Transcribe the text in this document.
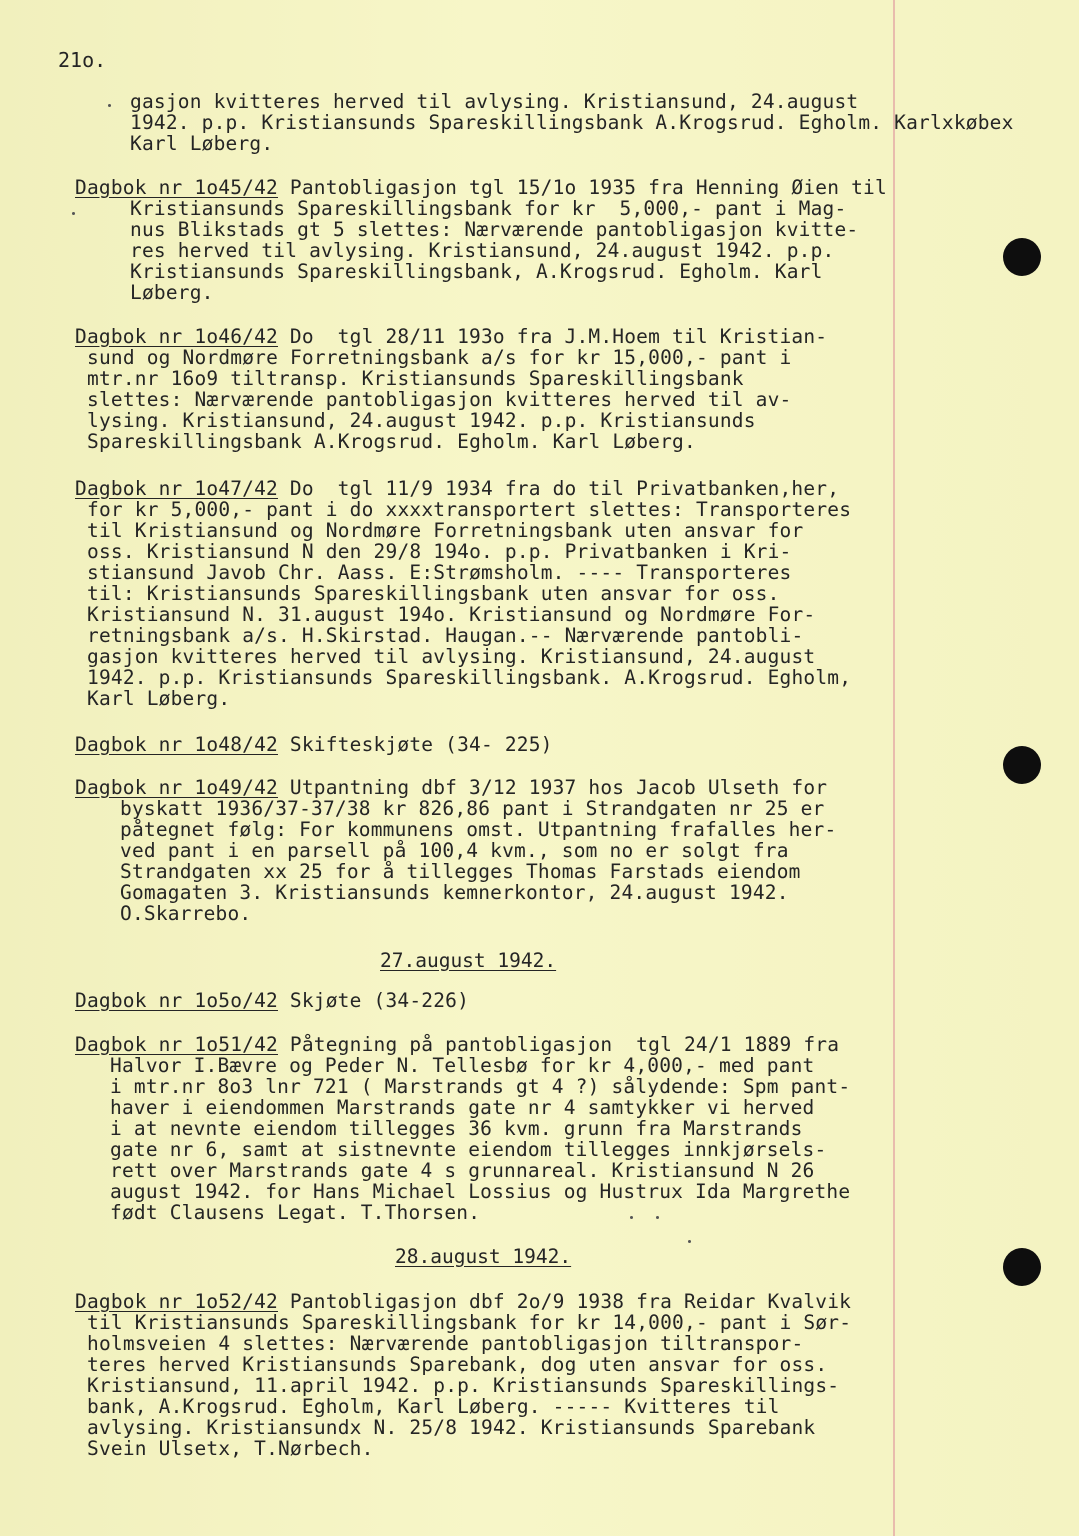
21o.
gasjon kvitteres herved til avlysing. Kristiansund, 24.august
1942. p.p. Kristiansunds Spareskillingsbank A.Krogsrud. Egholm. Karlxkøbex
Karl Løberg.
Dagbok nr 1o45/42 Pantobligasjon tgl 15/1o 1935 fra Henning Øien til
Kristiansunds Spareskillingsbank for kr  5,000,- pant i Mag-
nus Blikstads gt 5 slettes: Nærværende pantobligasjon kvitte-
res herved til avlysing. Kristiansund, 24.august 1942. p.p.
Kristiansunds Spareskillingsbank, A.Krogsrud. Egholm. Karl
Løberg.
Dagbok nr 1o46/42 Do  tgl 28/11 193o fra J.M.Hoem til Kristian-
sund og Nordmøre Forretningsbank a/s for kr 15,000,- pant i
mtr.nr 16o9 tiltransp. Kristiansunds Spareskillingsbank
slettes: Nærværende pantobligasjon kvitteres herved til av-
lysing. Kristiansund, 24.august 1942. p.p. Kristiansunds
Spareskillingsbank A.Krogsrud. Egholm. Karl Løberg.
Dagbok nr 1o47/42 Do  tgl 11/9 1934 fra do til Privatbanken,her,
for kr 5,000,- pant i do xxxxtransportert slettes: Transporteres
til Kristiansund og Nordmøre Forretningsbank uten ansvar for
oss. Kristiansund N den 29/8 194o. p.p. Privatbanken i Kri-
stiansund Javob Chr. Aass. E:Strømsholm. ---- Transporteres
til: Kristiansunds Spareskillingsbank uten ansvar for oss.
Kristiansund N. 31.august 194o. Kristiansund og Nordmøre For-
retningsbank a/s. H.Skirstad. Haugan.-- Nærværende pantobli-
gasjon kvitteres herved til avlysing. Kristiansund, 24.august
1942. p.p. Kristiansunds Spareskillingsbank. A.Krogsrud. Egholm,
Karl Løberg.
Dagbok nr 1o48/42 Skifteskjøte (34- 225)
Dagbok nr 1o49/42 Utpantning dbf 3/12 1937 hos Jacob Ulseth for
byskatt 1936/37-37/38 kr 826,86 pant i Strandgaten nr 25 er
påtegnet følg: For kommunens omst. Utpantning frafalles her-
ved pant i en parsell på 100,4 kvm., som no er solgt fra
Strandgaten xx 25 for å tillegges Thomas Farstads eiendom
Gomagaten 3. Kristiansunds kemnerkontor, 24.august 1942.
O.Skarrebo.
27.august 1942.
Dagbok nr 1o5o/42 Skjøte (34-226)
Dagbok nr 1o51/42 Påtegning på pantobligasjon  tgl 24/1 1889 fra
Halvor I.Bævre og Peder N. Tellesbø for kr 4,000,- med pant
i mtr.nr 8o3 lnr 721 ( Marstrands gt 4 ?) sålydende: Spm pant-
haver i eiendommen Marstrands gate nr 4 samtykker vi herved
i at nevnte eiendom tillegges 36 kvm. grunn fra Marstrands
gate nr 6, samt at sistnevnte eiendom tillegges innkjørsels-
rett over Marstrands gate 4 s grunnareal. Kristiansund N 26
august 1942. for Hans Michael Lossius og Hustrux Ida Margrethe
født Clausens Legat. T.Thorsen.
28.august 1942.
Dagbok nr 1o52/42 Pantobligasjon dbf 2o/9 1938 fra Reidar Kvalvik
til Kristiansunds Spareskillingsbank for kr 14,000,- pant i Sør-
holmsveien 4 slettes: Nærværende pantobligasjon tiltranspor-
teres herved Kristiansunds Sparebank, dog uten ansvar for oss.
Kristiansund, 11.april 1942. p.p. Kristiansunds Spareskillings-
bank, A.Krogsrud. Egholm, Karl Løberg. ----- Kvitteres til
avlysing. Kristiansundx N. 25/8 1942. Kristiansunds Sparebank
Svein Ulsetx, T.Nørbech.
